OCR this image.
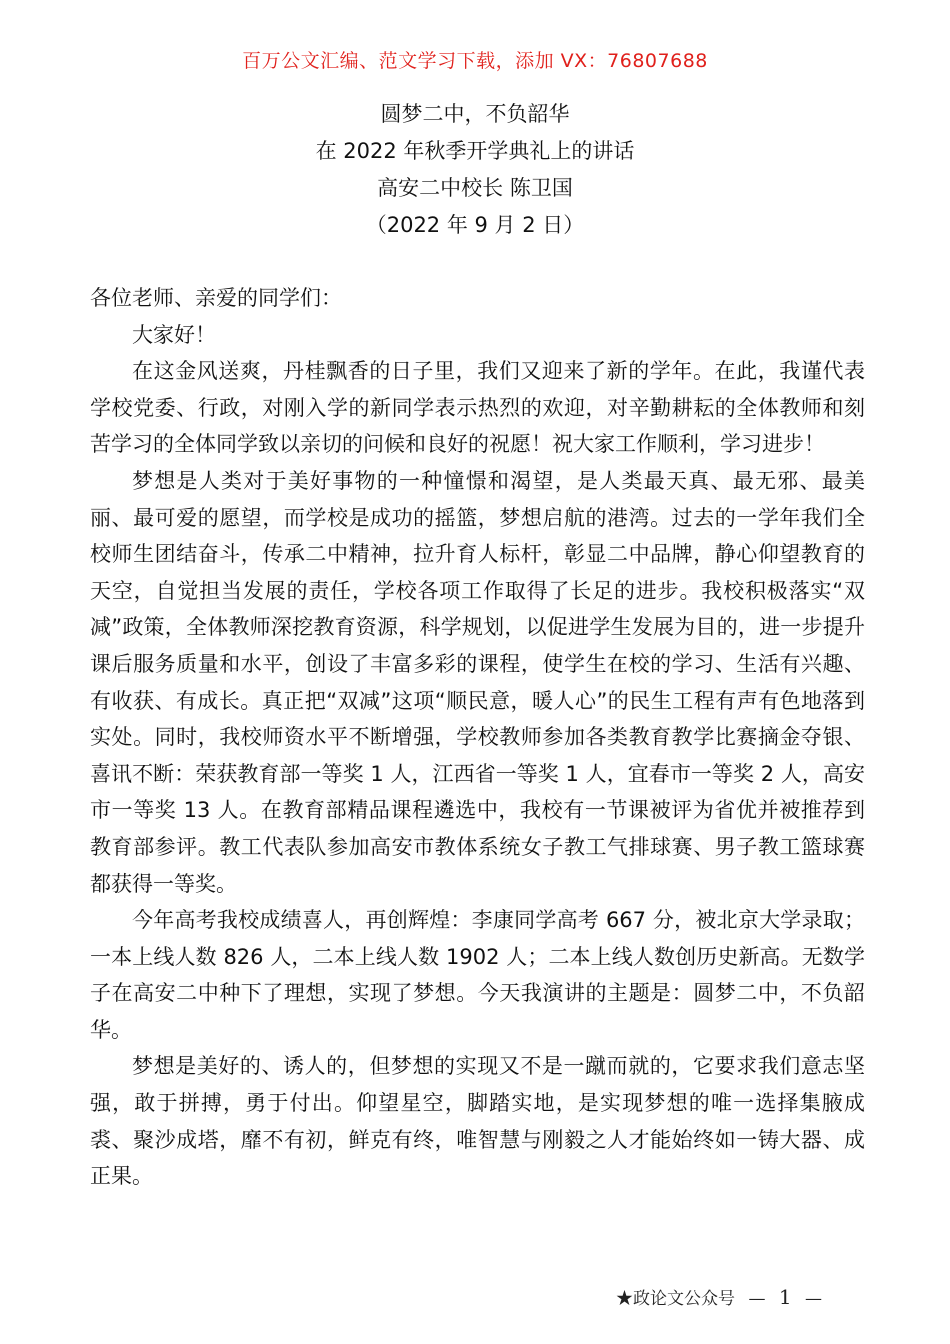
百万公文汇编、范文学习下载，添加 VX：76807688
圆梦二中，不负韶华
在 2022 年秋季开学典礼上的讲话
高安二中校长 陈卫国
（2022 年 9 月 2 日）

各位老师、亲爱的同学们：

大家好！

在这金风送爽，丹桂飘香的日子里，我们又迎来了新的学年。在此，我谨代表学校党委、行政，对刚入学的新同学表示热烈的欢迎，对辛勤耕耘的全体教师和刻苦学习的全体同学致以亲切的问候和良好的祝愿！祝大家工作顺利，学习进步！

梦想是人类对于美好事物的一种憧憬和渴望，是人类最天真、最无邪、最美丽、最可爱的愿望，而学校是成功的摇篮，梦想启航的港湾。过去的一学年我们全校师生团结奋斗，传承二中精神，拉升育人标杆，彰显二中品牌，静心仰望教育的天空，自觉担当发展的责任，学校各项工作取得了长足的进步。我校积极落实“双减”政策，全体教师深挖教育资源，科学规划，以促进学生发展为目的，进一步提升课后服务质量和水平，创设了丰富多彩的课程，使学生在校的学习、生活有兴趣、有收获、有成长。真正把“双减”这项“顺民意，暖人心”的民生工程有声有色地落到实处。同时，我校师资水平不断增强，学校教师参加各类教育教学比赛摘金夺银、喜讯不断：荣获教育部一等奖 1 人，江西省一等奖 1 人，宜春市一等奖 2 人，高安市一等奖 13 人。在教育部精品课程遴选中，我校有一节课被评为省优并被推荐到教育部参评。教工代表队参加高安市教体系统女子教工气排球赛、男子教工篮球赛都获得一等奖。

今年高考我校成绩喜人，再创辉煌：李康同学高考 667 分，被北京大学录取；一本上线人数 826 人，二本上线人数 1902 人；二本上线人数创历史新高。无数学子在高安二中种下了理想，实现了梦想。今天我演讲的主题是：圆梦二中，不负韶华。

梦想是美好的、诱人的，但梦想的实现又不是一蹴而就的，它要求我们意志坚强，敢于拼搏，勇于付出。仰望星空，脚踏实地，是实现梦想的唯一选择集腋成裘、聚沙成塔，靡不有初，鲜克有终，唯智慧与刚毅之人才能始终如一铸大器、成正果。

★政论文公众号 — 1 —
